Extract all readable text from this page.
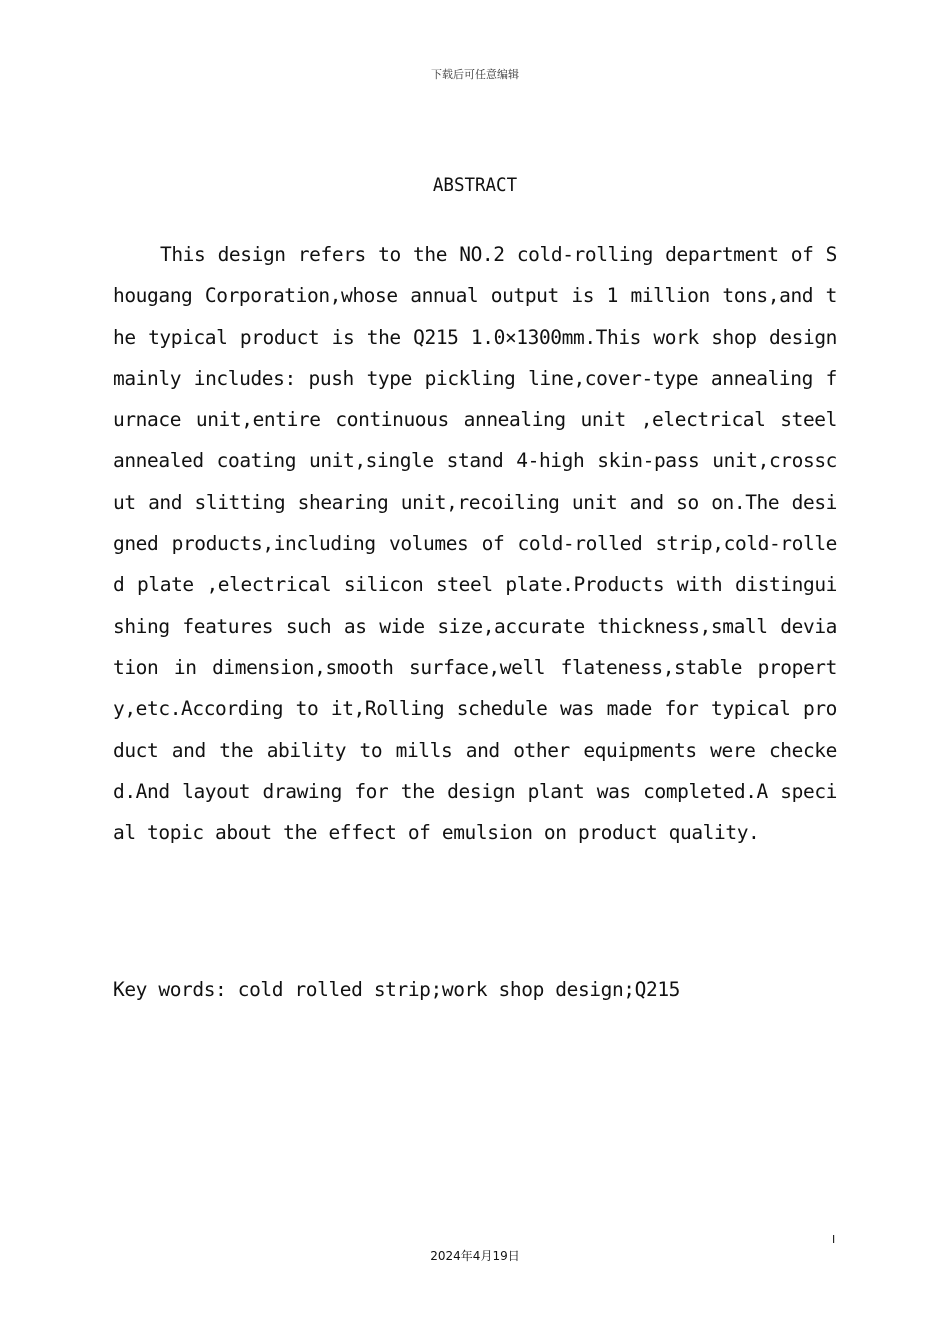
下载后可任意编辑
ABSTRACT
This design refers to the NO.2 cold-rolling department of Shougang Corporation,whose annual output is 1 million tons,and the typical product is the Q215 1.0×1300mm.This work shop design mainly includes: push type pickling line,cover-type annealing furnace unit,entire continuous annealing unit ,electrical steel annealed coating unit,single stand 4-high skin-pass unit,crosscut and slitting shearing unit,recoiling unit and so on.The designed products,including volumes of cold-rolled strip,cold-rolled plate ,electrical silicon steel plate.Products with distinguishing features such as wide size,accurate thickness,small deviation in dimension,smooth surface,well flateness,stable property,etc.According to it,Rolling schedule was made for typical product and the ability to mills and other equipments were checked.And layout drawing for the design plant was completed.A special topic about the effect of emulsion on product quality.
Key words: cold rolled strip;work shop design;Q215
I
2024年4月19日
